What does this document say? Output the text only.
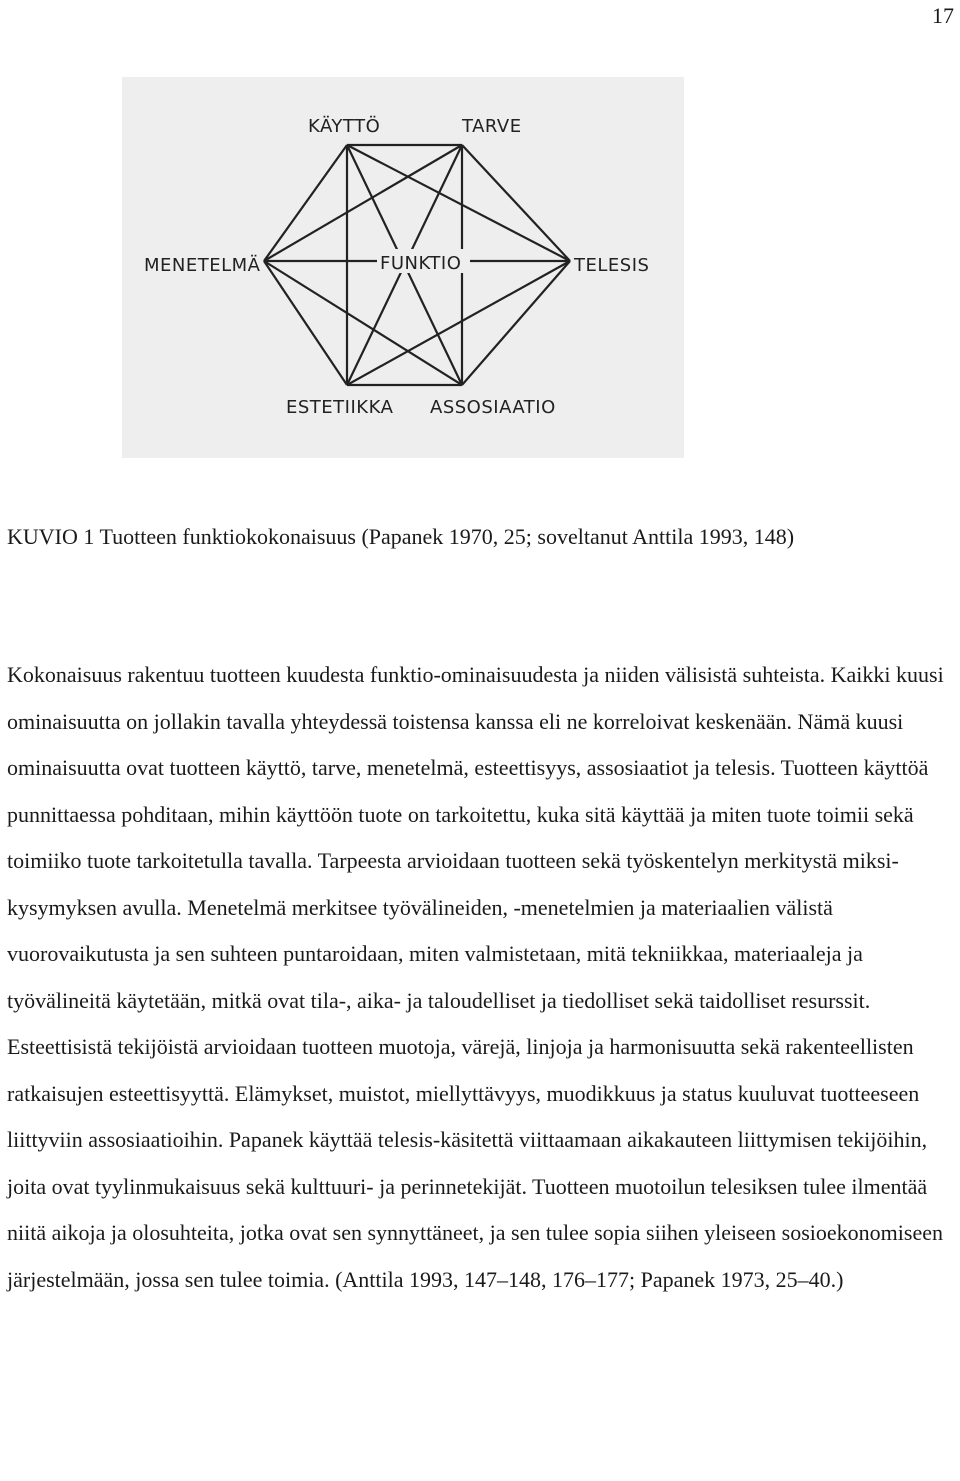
17
KÄYTTÖ	TARVE
MENETELMÄ	FUNKTIO	TELESIS
ESTETIIKKA ASSOSIAATIO

KUVIO 1 Tuotteen funktiokokonaisuus (Papanek 1970, 25; soveltanut Anttila 1993, 148)

Kokonaisuus rakentuu tuotteen kuudesta funktio-ominaisuudesta ja niiden välisistä suhteista. Kaikki kuusi ominaisuutta on jollakin tavalla yhteydessä toistensa kanssa eli ne korreloivat keskenään. Nämä kuusi ominaisuutta ovat tuotteen käyttö, tarve, menetelmä, esteettisyys, assosiaatiot ja telesis. Tuotteen käyttöä punnittaessa pohditaan, mihin käyttöön tuote on tarkoitettu, kuka sitä käyttää ja miten tuote toimii sekä toimiiko tuote tarkoitetulla tavalla. Tarpeesta arvioidaan tuotteen sekä työskentelyn merkitystä miksi-kysymyksen avulla. Menetelmä merkitsee työvälineiden, -menetelmien ja materiaalien välistä vuorovaikutusta ja sen suhteen puntaroidaan, miten valmistetaan, mitä tekniikkaa, materiaaleja ja työvälineitä käytetään, mitkä ovat tila-, aika- ja taloudelliset ja tiedolliset sekä taidolliset resurssit. Esteettisistä tekijöistä arvioidaan tuotteen muotoja, värejä, linjoja ja harmonisuutta sekä rakenteellisten ratkaisujen esteettisyyttä. Elämykset, muistot, miellyttävyys, muodikkuus ja status kuuluvat tuotteeseen liittyviin assosiaatioihin. Papanek käyttää telesis-käsitettä viittaamaan aikakauteen liittymisen tekijöihin, joita ovat tyylinmukaisuus sekä kulttuuri- ja perinnetekijät. Tuotteen muotoilun telesiksen tulee ilmentää niitä aikoja ja olosuhteita, jotka ovat sen synnyttäneet, ja sen tulee sopia siihen yleiseen sosioekonomiseen järjestelmään, jossa sen tulee toimia. (Anttila 1993, 147–148, 176–177; Papanek 1973, 25–40.)
